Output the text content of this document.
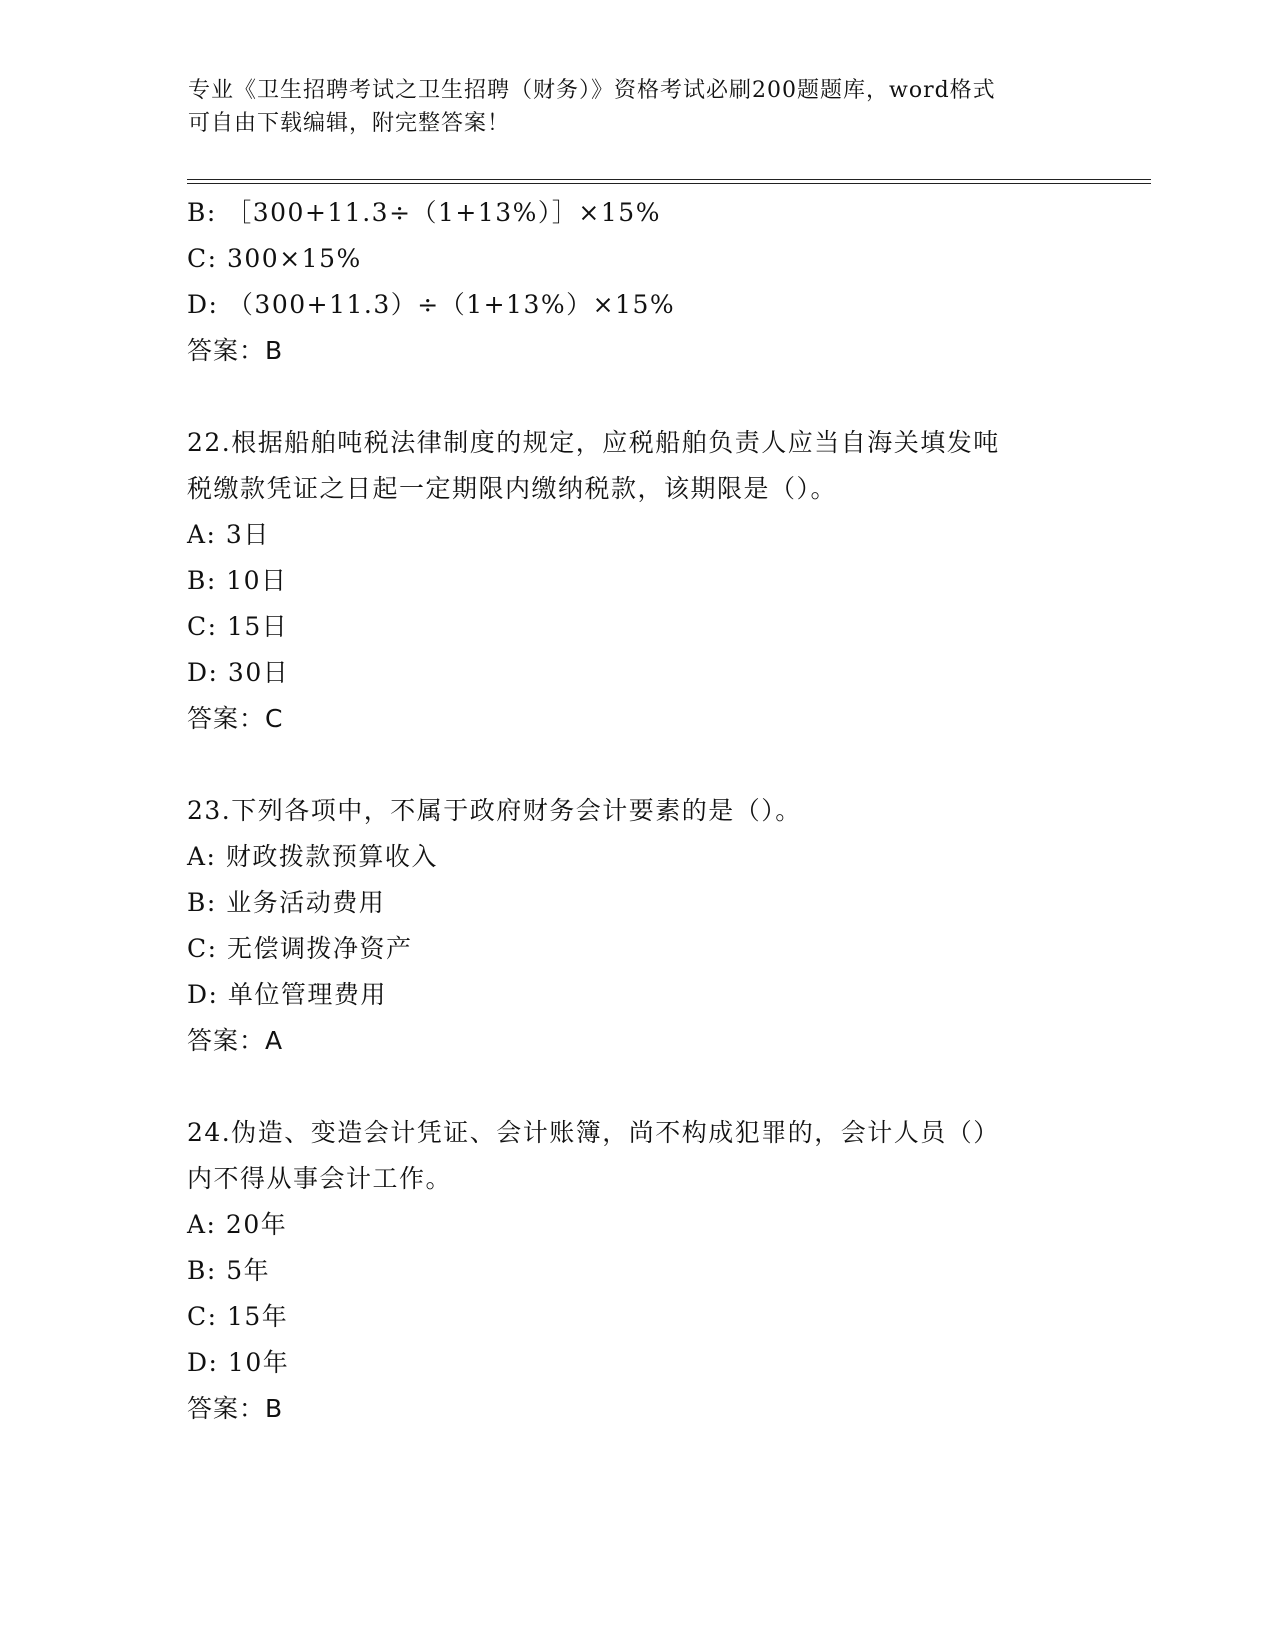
专业《卫生招聘考试之卫生招聘（财务）》资格考试必刷200题题库，word格式
可自由下载编辑，附完整答案！
B: ［300+11.3÷（1+13%）］×15%
C: 300×15%
D: （300+11.3）÷（1+13%）×15%
答案：B
22.根据船舶吨税法律制度的规定，应税船舶负责人应当自海关填发吨
税缴款凭证之日起一定期限内缴纳税款，该期限是（）。
A: 3日
B: 10日
C: 15日
D: 30日
答案：C
23.下列各项中，不属于政府财务会计要素的是（）。
A: 财政拨款预算收入
B: 业务活动费用
C: 无偿调拨净资产
D: 单位管理费用
答案：A
24.伪造、变造会计凭证、会计账簿，尚不构成犯罪的，会计人员（）
内不得从事会计工作。
A: 20年
B: 5年
C: 15年
D: 10年
答案：B
